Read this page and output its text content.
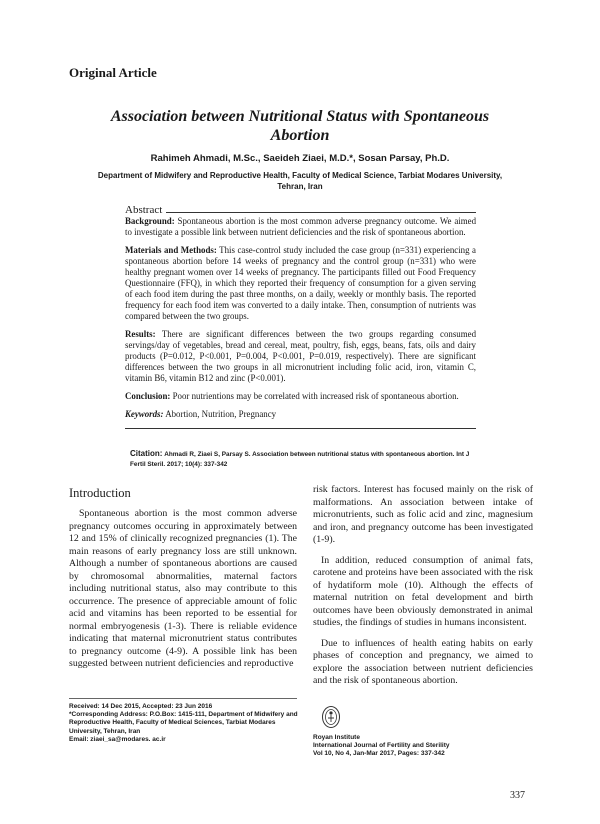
Original Article
Association between Nutritional Status with Spontaneous Abortion
Rahimeh Ahmadi, M.Sc., Saeideh Ziaei, M.D.*, Sosan Parsay, Ph.D.
Department of Midwifery and Reproductive Health, Faculty of Medical Science, Tarbiat Modares University, Tehran, Iran
Abstract

Background: Spontaneous abortion is the most common adverse pregnancy outcome. We aimed to investigate a possible link between nutrient deficiencies and the risk of spontaneous abortion.

Materials and Methods: This case-control study included the case group (n=331) experiencing a spontaneous abortion before 14 weeks of pregnancy and the control group (n=331) who were healthy pregnant women over 14 weeks of pregnancy. The participants filled out Food Frequency Questionnaire (FFQ), in which they reported their frequency of consumption for a given serving of each food item during the past three months, on a daily, weekly or monthly basis. The reported frequency for each food item was converted to a daily intake. Then, consumption of nutrients was compared between the two groups.

Results: There are significant differences between the two groups regarding consumed servings/day of vegetables, bread and cereal, meat, poultry, fish, eggs, beans, fats, oils and dairy products (P=0.012, P<0.001, P=0.004, P<0.001, P=0.019, respectively). There are significant differences between the two groups in all micronutrient including folic acid, iron, vitamin C, vitamin B6, vitamin B12 and zinc (P<0.001).

Conclusion: Poor nutrientions may be correlated with increased risk of spontaneous abortion.

Keywords: Abortion, Nutrition, Pregnancy

Citation: Ahmadi R, Ziaei S, Parsay S. Association between nutritional status with spontaneous abortion. Int J Fertil Steril. 2017; 10(4): 337-342
Introduction

Spontaneous abortion is the most common adverse pregnancy outcomes occuring in approximately between 12 and 15% of clinically recognized pregnancies (1). The main reasons of early pregnancy loss are still unknown. Although a number of spontaneous abortions are caused by chromosomal abnormalities, maternal factors including nutritional status, also may contribute to this occurrence. The presence of appreciable amount of folic acid and vitamins has been reported to be essential for normal embryogenesis (1-3). There is reliable evidence indicating that maternal micronutrient status contributes to pregnancy outcome (4-9). A possible link has been suggested between nutrient deficiencies and reproductive

risk factors. Interest has focused mainly on the risk of malformations. An association between intake of micronutrients, such as folic acid and zinc, magnesium and iron, and pregnancy outcome has been investigated (1-9).

In addition, reduced consumption of animal fats, carotene and proteins have been associated with the risk of hydatiform mole (10). Although the effects of maternal nutrition on fetal development and birth outcomes have been obviously demonstrated in animal studies, the findings of studies in humans inconsistent.

Due to influences of health eating habits on early phases of conception and pregnancy, we aimed to explore the association between nutrient deficiencies and the risk of spontaneous abortion.

Received: 14 Dec 2015, Accepted: 23 Jun 2016
*Corresponding Address: P.O.Box: 1415-111, Department of Midwifery and Reproductive Health, Faculty of Medical Sciences, Tarbiat Modares University, Tehran, Iran
Email: ziaei_sa@modares. ac.ir	Royan Institute
International Journal of Fertility and Sterility
Vol 10, No 4, Jan-Mar 2017, Pages: 337-342
337
